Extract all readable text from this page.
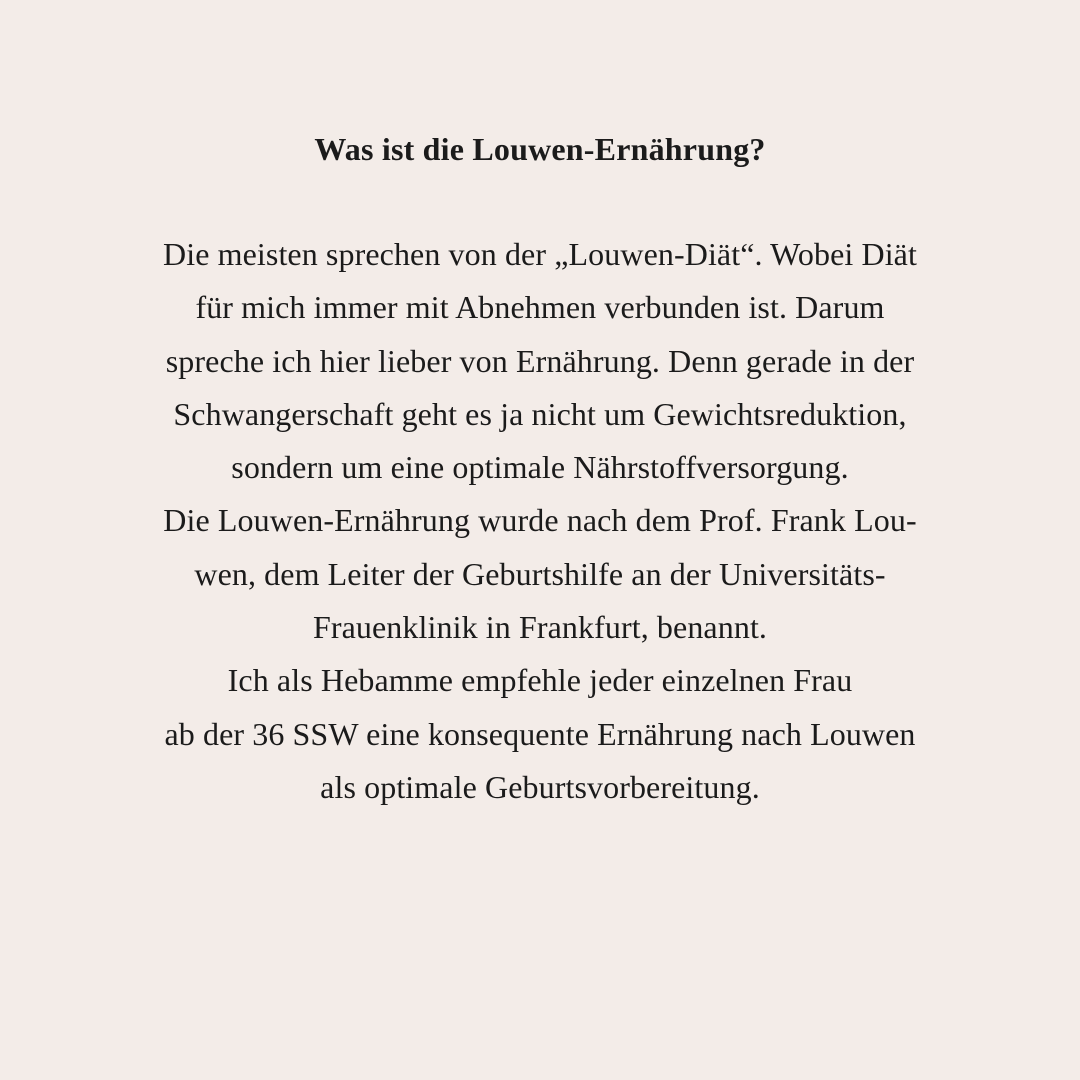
Was ist die Louwen-Ernährung?
Die meisten sprechen von der „Louwen-Diät“. Wobei Diät
für mich immer mit Abnehmen verbunden ist. Darum
spreche ich hier lieber von Ernährung. Denn gerade in der
Schwangerschaft geht es ja nicht um Gewichtsreduktion,
sondern um eine optimale Nährstoffversorgung.
Die Louwen-Ernährung wurde nach dem Prof. Frank Lou-
wen, dem Leiter der Geburtshilfe an der Universitäts-
Frauenklinik in Frankfurt, benannt.
Ich als Hebamme empfehle jeder einzelnen Frau
ab der 36 SSW eine konsequente Ernährung nach Louwen
als optimale Geburtsvorbereitung.
